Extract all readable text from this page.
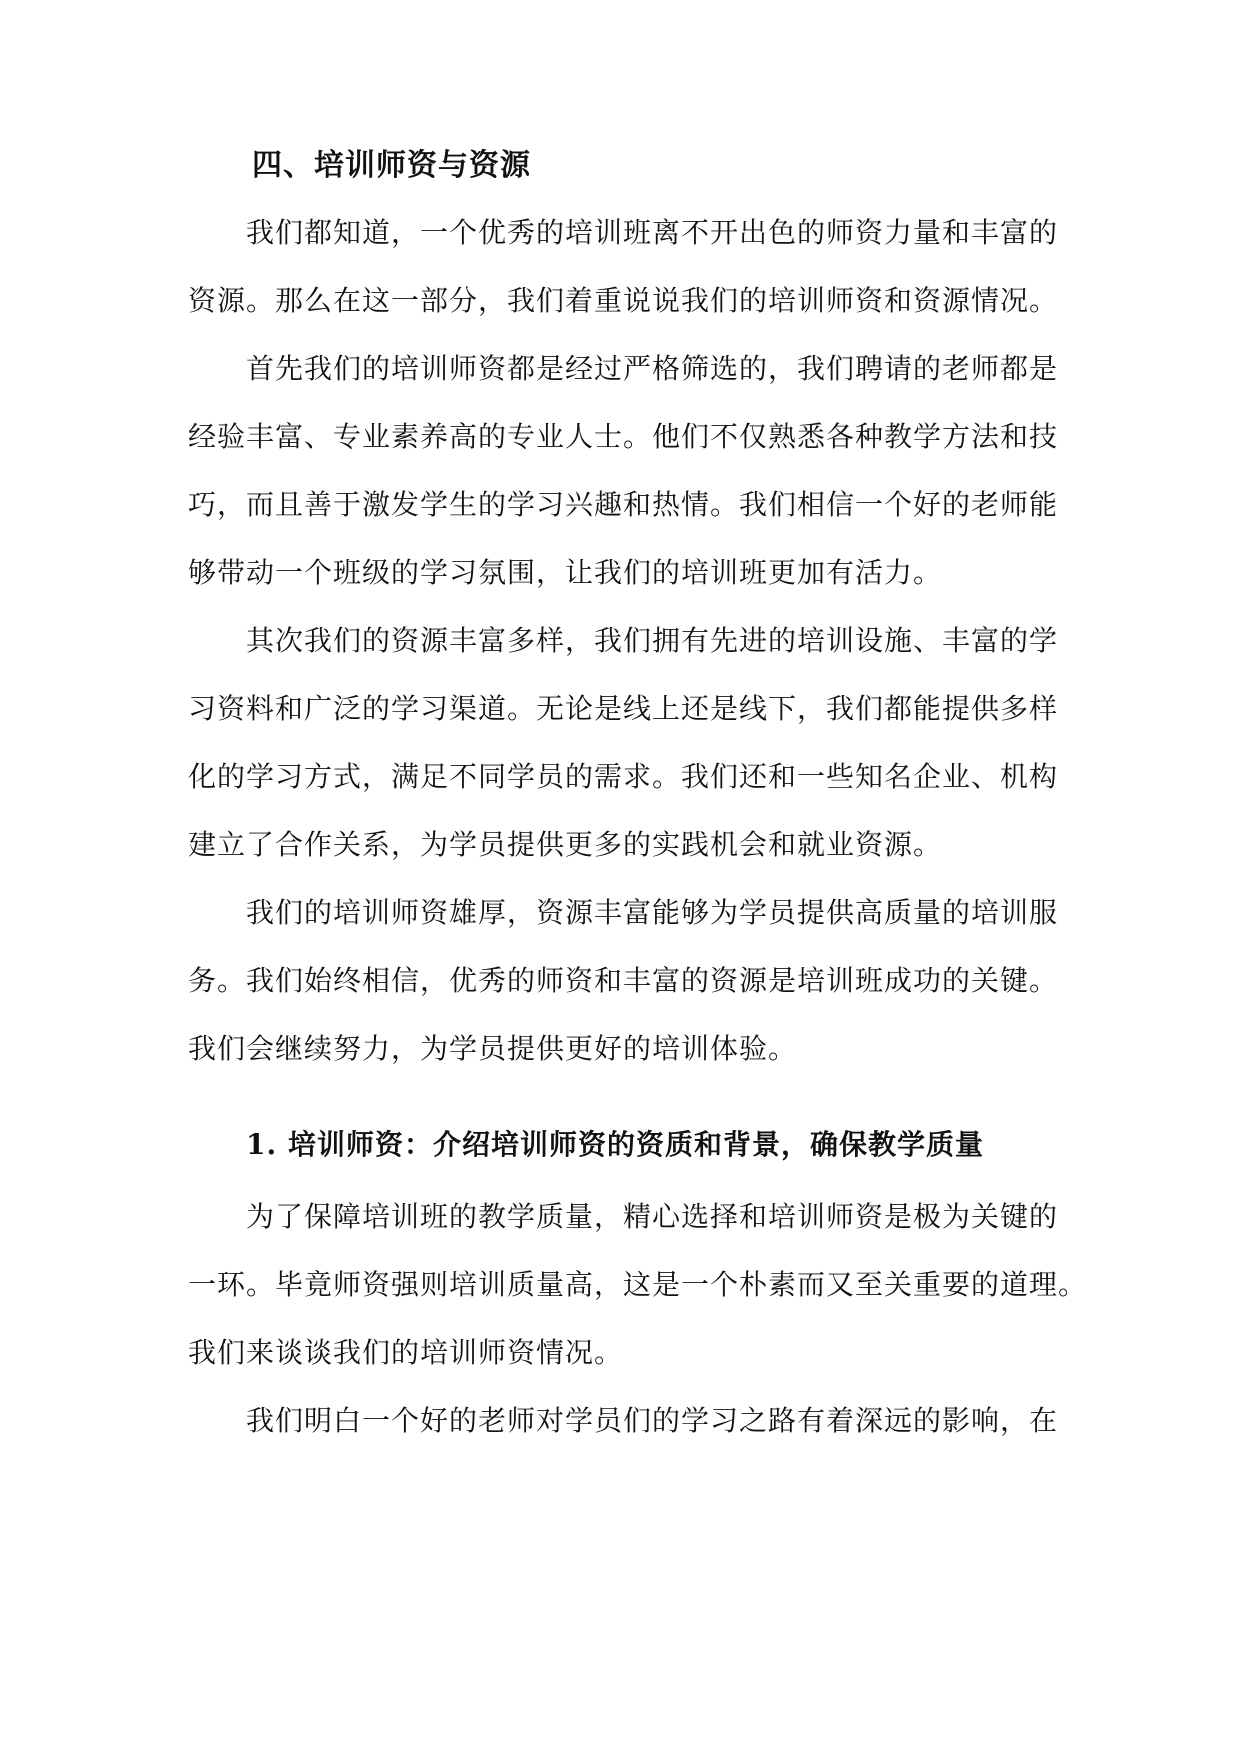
四、培训师资与资源
我们都知道，一个优秀的培训班离不开出色的师资力量和丰富的
资源。那么在这一部分，我们着重说说我们的培训师资和资源情况。
首先我们的培训师资都是经过严格筛选的，我们聘请的老师都是
经验丰富、专业素养高的专业人士。他们不仅熟悉各种教学方法和技
巧，而且善于激发学生的学习兴趣和热情。我们相信一个好的老师能
够带动一个班级的学习氛围，让我们的培训班更加有活力。
其次我们的资源丰富多样，我们拥有先进的培训设施、丰富的学
习资料和广泛的学习渠道。无论是线上还是线下，我们都能提供多样
化的学习方式，满足不同学员的需求。我们还和一些知名企业、机构
建立了合作关系，为学员提供更多的实践机会和就业资源。
我们的培训师资雄厚，资源丰富能够为学员提供高质量的培训服
务。我们始终相信，优秀的师资和丰富的资源是培训班成功的关键。
我们会继续努力，为学员提供更好的培训体验。
1. 培训师资：介绍培训师资的资质和背景，确保教学质量
为了保障培训班的教学质量，精心选择和培训师资是极为关键的
一环。毕竟师资强则培训质量高，这是一个朴素而又至关重要的道理。
我们来谈谈我们的培训师资情况。
我们明白一个好的老师对学员们的学习之路有着深远的影响，在
